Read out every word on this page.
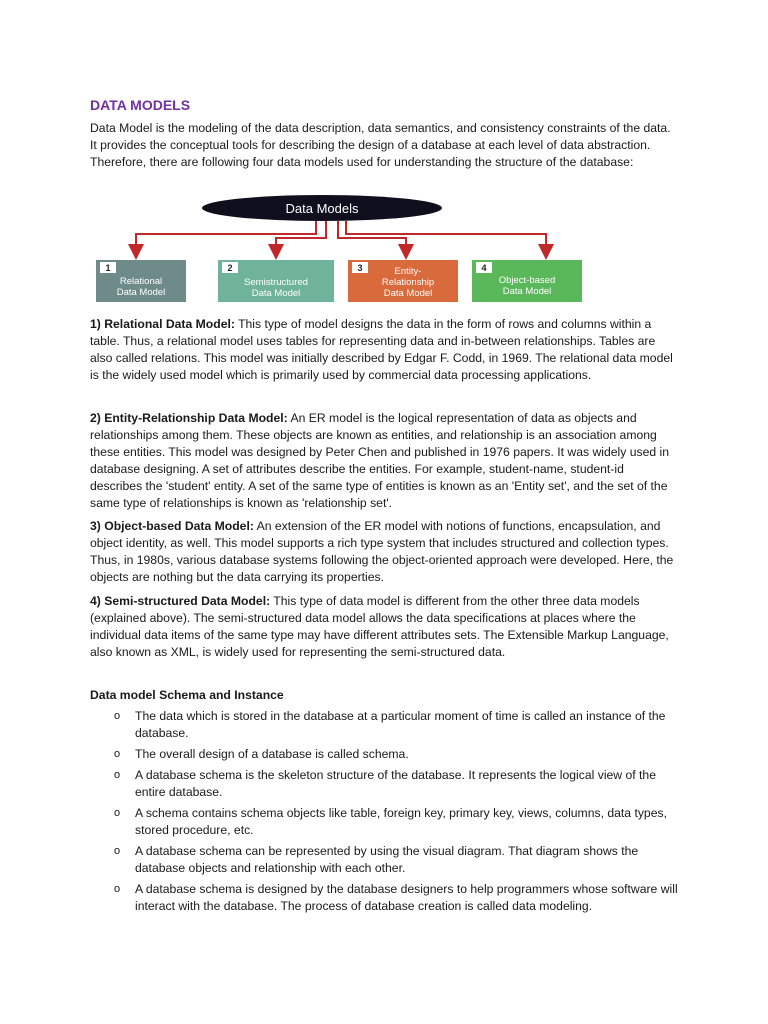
DATA MODELS

Data Model is the modeling of the data description, data semantics, and consistency constraints of the data. It provides the conceptual tools for describing the design of a database at each level of data abstraction. Therefore, there are following four data models used for understanding the structure of the database:

Data Models
1
Relational
Data Model
2
Semistructured
Data Model
3	Entity-
Relationship
Data Model
4
Object-based
Data Model

1) Relational Data Model: This type of model designs the data in the form of rows and columns within a table. Thus, a relational model uses tables for representing data and in-between relationships. Tables are also called relations. This model was initially described by Edgar F. Codd, in 1969. The relational data model is the widely used model which is primarily used by commercial data processing applications.

2) Entity-Relationship Data Model: An ER model is the logical representation of data as objects and relationships among them. These objects are known as entities, and relationship is an association among these entities. This model was designed by Peter Chen and published in 1976 papers. It was widely used in database designing. A set of attributes describe the entities. For example, student-name, student-id describes the 'student' entity. A set of the same type of entities is known as an 'Entity set', and the set of the same type of relationships is known as 'relationship set'.

3) Object-based Data Model: An extension of the ER model with notions of functions, encapsulation, and object identity, as well. This model supports a rich type system that includes structured and collection types. Thus, in 1980s, various database systems following the object-oriented approach were developed. Here, the objects are nothing but the data carrying its properties.

4) Semi-structured Data Model: This type of data model is different from the other three data models (explained above). The semi-structured data model allows the data specifications at places where the individual data items of the same type may have different attributes sets. The Extensible Markup Language, also known as XML, is widely used for representing the semi-structured data.

Data model Schema and Instance
o The data which is stored in the database at a particular moment of time is called an instance of the database.
o The overall design of a database is called schema.
o A database schema is the skeleton structure of the database. It represents the logical view of the entire database.
o A schema contains schema objects like table, foreign key, primary key, views, columns, data types, stored procedure, etc.
o A database schema can be represented by using the visual diagram. That diagram shows the database objects and relationship with each other.
o A database schema is designed by the database designers to help programmers whose software will interact with the database. The process of database creation is called data modeling.
